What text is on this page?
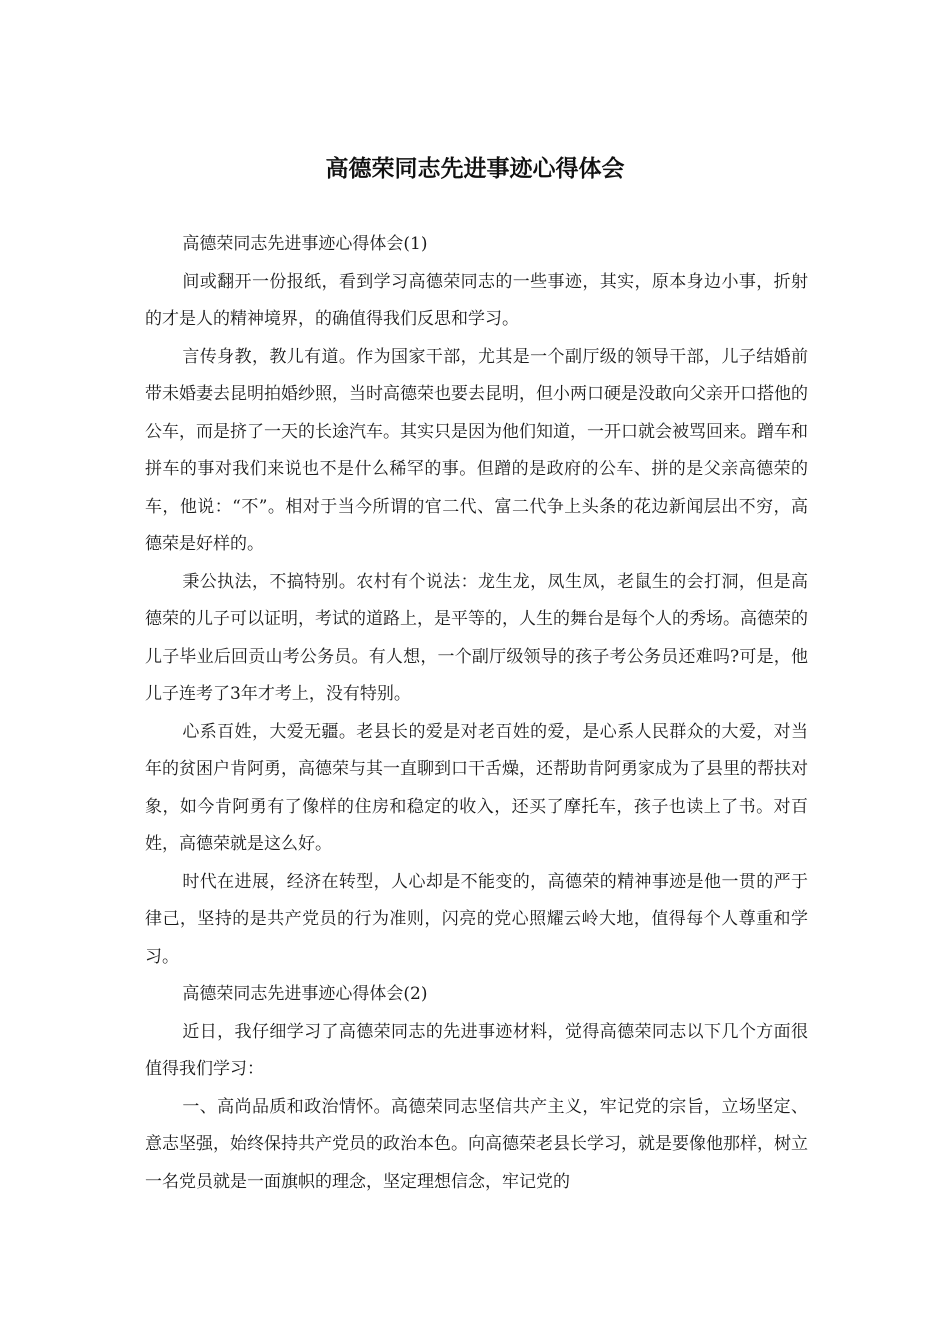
高德荣同志先进事迹心得体会

高德荣同志先进事迹心得体会(1)

间或翻开一份报纸，看到学习高德荣同志的一些事迹，其实，原本身边小事，折射的才是人的精神境界，的确值得我们反思和学习。

言传身教，教儿有道。作为国家干部，尤其是一个副厅级的领导干部，儿子结婚前带未婚妻去昆明拍婚纱照，当时高德荣也要去昆明，但小两口硬是没敢向父亲开口搭他的公车，而是挤了一天的长途汽车。其实只是因为他们知道，一开口就会被骂回来。蹭车和拼车的事对我们来说也不是什么稀罕的事。但蹭的是政府的公车、拼的是父亲高德荣的车，他说：“不”。相对于当今所谓的官二代、富二代争上头条的花边新闻层出不穷，高德荣是好样的。

秉公执法，不搞特别。农村有个说法：龙生龙，凤生凤，老鼠生的会打洞，但是高德荣的儿子可以证明，考试的道路上，是平等的，人生的舞台是每个人的秀场。高德荣的儿子毕业后回贡山考公务员。有人想，一个副厅级领导的孩子考公务员还难吗?可是，他儿子连考了3年才考上，没有特别。

心系百姓，大爱无疆。老县长的爱是对老百姓的爱，是心系人民群众的大爱，对当年的贫困户肯阿勇，高德荣与其一直聊到口干舌燥，还帮助肯阿勇家成为了县里的帮扶对象，如今肯阿勇有了像样的住房和稳定的收入，还买了摩托车，孩子也读上了书。对百姓，高德荣就是这么好。

时代在进展，经济在转型，人心却是不能变的，高德荣的精神事迹是他一贯的严于律己，坚持的是共产党员的行为准则，闪亮的党心照耀云岭大地，值得每个人尊重和学习。

高德荣同志先进事迹心得体会(2)

近日，我仔细学习了高德荣同志的先进事迹材料，觉得高德荣同志以下几个方面很值得我们学习：

一、高尚品质和政治情怀。高德荣同志坚信共产主义，牢记党的宗旨，立场坚定、意志坚强，始终保持共产党员的政治本色。向高德荣老县长学习，就是要像他那样，树立一名党员就是一面旗帜的理念，坚定理想信念，牢记党的
